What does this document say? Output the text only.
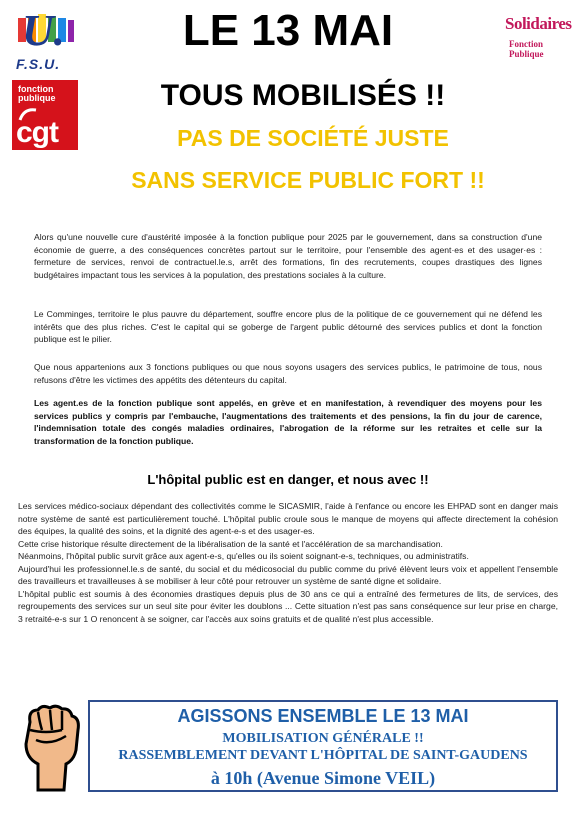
U.
F.S.U.
fonction
publique
cgt
Solidaires
Fonction Publique
LE 13 MAI
TOUS MOBILISÉS !!
PAS DE SOCIÉTÉ JUSTE
SANS SERVICE PUBLIC FORT !!
Alors qu'une nouvelle cure d'austérité imposée à la fonction publique pour 2025 par le gouvernement, dans sa construction d'une économie de guerre, a des conséquences concrètes partout sur le territoire, pour l'ensemble des agent·es et des usager·es : fermeture de services, renvoi de contractuel.le.s, arrêt des formations, fin des recrutements, coupes drastiques des lignes budgétaires impactant tous les services à la population, des prestations sociales à la culture.
Le Comminges, territoire le plus pauvre du département, souffre encore plus de la politique de ce gouvernement qui ne défend les intérêts que des plus riches. C'est le capital qui se goberge de l'argent public détourné des services publics et dont la fonction publique est le pilier.
Que nous appartenions aux 3 fonctions publiques ou que nous soyons usagers des services publics, le patrimoine de tous, nous refusons d'être les victimes des appétits des détenteurs du capital.
Les agent.es de la fonction publique sont appelés, en grève et en manifestation, à revendiquer des moyens pour les services publics y compris par l'embauche, l'augmentations des traitements et des pensions, la fin du jour de carence, l'indemnisation totale des congés maladies ordinaires, l'abrogation de la réforme sur les retraites et celle sur la transformation de la fonction publique.
L'hôpital public est en danger, et nous avec !!

Les services médico-sociaux dépendant des collectivités comme le SICASMIR, l'aide à l'enfance ou encore les EHPAD sont en danger mais notre système de santé est particulièrement touché. L'hôpital public croule sous le manque de moyens qui affecte directement la cohésion des équipes, la qualité des soins, et la dignité des agent-e-s et des usager-es.

Cette crise historique résulte directement de la libéralisation de la santé et l'accélération de sa marchandisation.

Néanmoins, l'hôpital public survit grâce aux agent-e-s, qu'elles ou ils soient soignant-e-s, techniques, ou administratifs.

Aujourd'hui les professionnel.le.s de santé, du social et du médicosocial du public comme du privé élèvent leurs voix et appellent l'ensemble des travailleurs et travailleuses à se mobiliser à leur côté pour retrouver un système de santé digne et solidaire.

L'hôpital public est soumis à des économies drastiques depuis plus de 30 ans ce qui a entraîné des fermetures de lits, de services, des regroupements des services sur un seul site pour éviter les doublons ... Cette situation n'est pas sans conséquence sur leur prise en charge, 3 retraité-e-s sur 1 O renoncent à se soigner, car l'accès aux soins gratuits et de qualité n'est plus accessible.

AGISSONS ENSEMBLE LE 13 MAI
MOBILISATION GÉNÉRALE !!
RASSEMBLEMENT DEVANT L'HÔPITAL DE SAINT-GAUDENS
à 10h (Avenue Simone VEIL)
